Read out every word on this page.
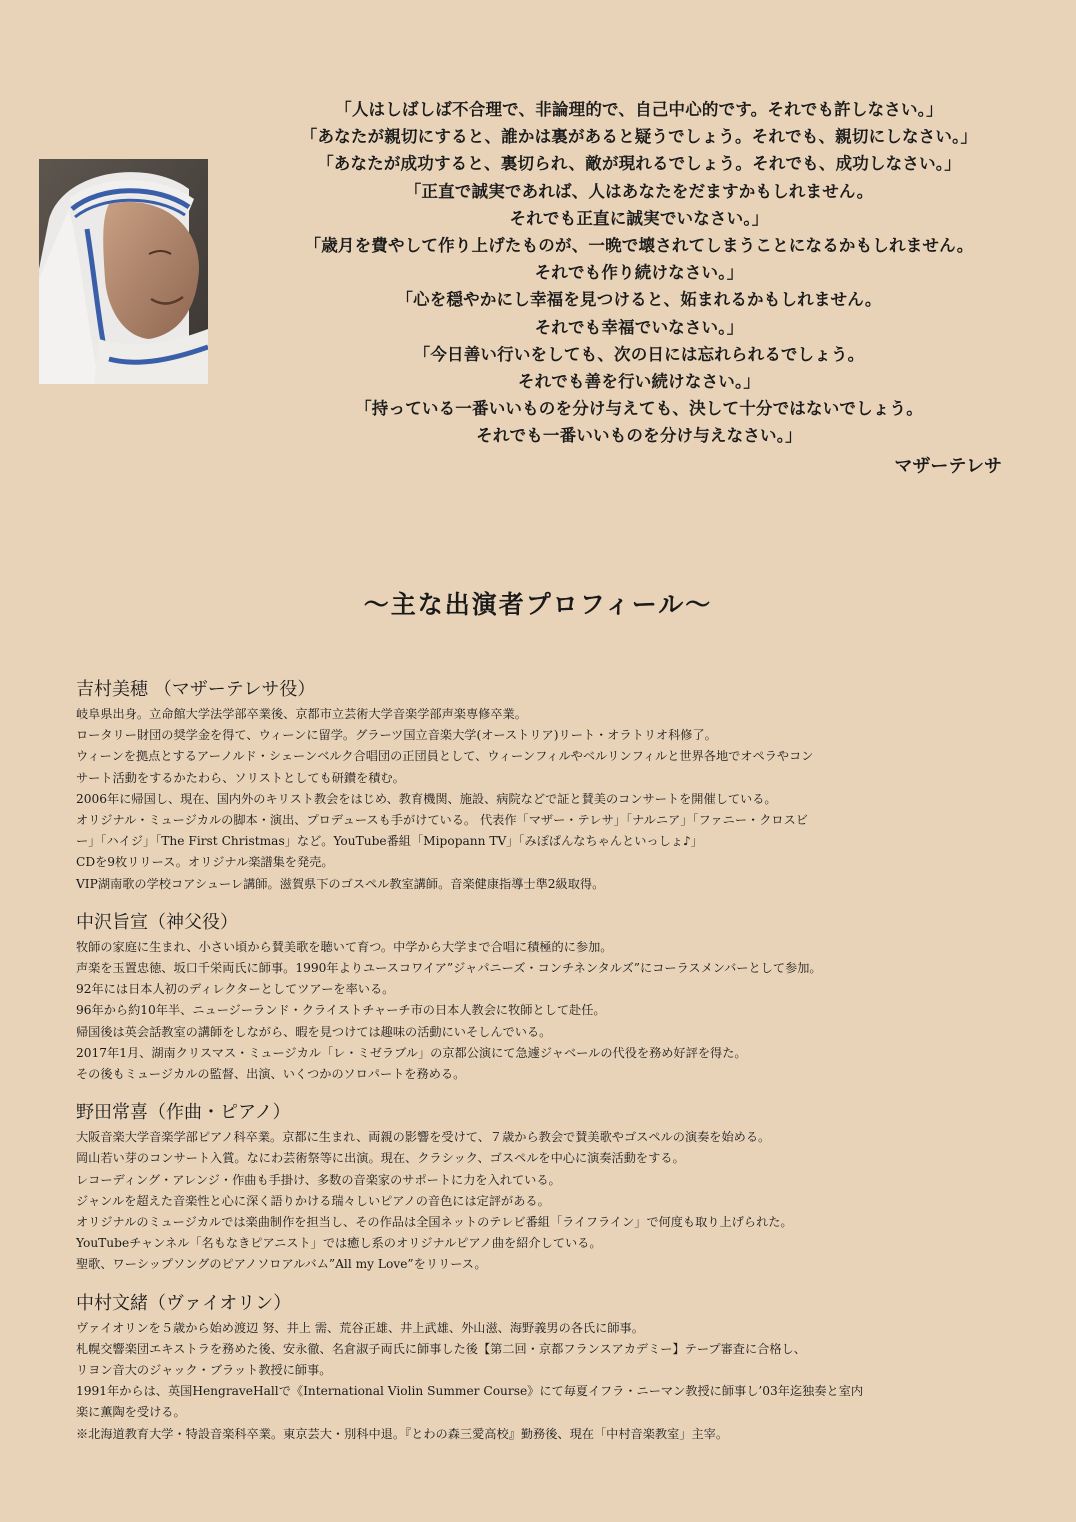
「人はしばしば不合理で、非論理的で、自己中心的です。それでも許しなさい。」
「あなたが親切にすると、誰かは裏があると疑うでしょう。それでも、親切にしなさい。」
「あなたが成功すると、裏切られ、敵が現れるでしょう。それでも、成功しなさい。」
「正直で誠実であれば、人はあなたをだますかもしれません。
それでも正直に誠実でいなさい。」
「歳月を費やして作り上げたものが、一晩で壊されてしまうことになるかもしれません。
それでも作り続けなさい。」
「心を穏やかにし幸福を見つけると、妬まれるかもしれません。
それでも幸福でいなさい。」
「今日善い行いをしても、次の日には忘れられるでしょう。
それでも善を行い続けなさい。」
「持っている一番いいものを分け与えても、決して十分ではないでしょう。
それでも一番いいものを分け与えなさい。」
マザーテレサ
〜主な出演者プロフィール〜
吉村美穂 （マザーテレサ役）
岐阜県出身。立命館大学法学部卒業後、京都市立芸術大学音楽学部声楽専修卒業。
ロータリー財団の奨学金を得て、ウィーンに留学。グラーツ国立音楽大学(オーストリア)リート・オラトリオ科修了。
ウィーンを拠点とするアーノルド・シェーンベルク合唱団の正団員として、ウィーンフィルやベルリンフィルと世界各地でオペラやコン
サート活動をするかたわら、ソリストとしても研鑚を積む。
2006年に帰国し、現在、国内外のキリスト教会をはじめ、教育機関、施設、病院などで証と賛美のコンサートを開催している。
オリジナル・ミュージカルの脚本・演出、プロデュースも手がけている。 代表作「マザー・テレサ」「ナルニア」「ファニー・クロスビ
ー」「ハイジ」「The First Christmas」など。YouTube番組「Mipopann TV」「みぽぱんなちゃんといっしょ♪」
CDを9枚リリース。オリジナル楽譜集を発売。
VIP湖南歌の学校コアシューレ講師。滋賀県下のゴスペル教室講師。音楽健康指導士準2級取得。
中沢旨宣（神父役）
牧師の家庭に生まれ、小さい頃から賛美歌を聴いて育つ。中学から大学まで合唱に積極的に参加。
声楽を玉置忠徳、坂口千栄両氏に師事。1990年よりユースコワイア”ジャパニーズ・コンチネンタルズ”にコーラスメンバーとして参加。
92年には日本人初のディレクターとしてツアーを率いる。
96年から約10年半、ニュージーランド・クライストチャーチ市の日本人教会に牧師として赴任。
帰国後は英会話教室の講師をしながら、暇を見つけては趣味の活動にいそしんでいる。
2017年1月、湖南クリスマス・ミュージカル「レ・ミゼラブル」の京都公演にて急遽ジャベールの代役を務め好評を得た。
その後もミュージカルの監督、出演、いくつかのソロパートを務める。
野田常喜（作曲・ピアノ）
大阪音楽大学音楽学部ピアノ科卒業。京都に生まれ、両親の影響を受けて、７歳から教会で賛美歌やゴスペルの演奏を始める。
岡山若い芽のコンサート入賞。なにわ芸術祭等に出演。現在、クラシック、ゴスペルを中心に演奏活動をする。
レコーディング・アレンジ・作曲も手掛け、多数の音楽家のサポートに力を入れている。
ジャンルを超えた音楽性と心に深く語りかける瑞々しいピアノの音色には定評がある。
オリジナルのミュージカルでは楽曲制作を担当し、その作品は全国ネットのテレビ番組「ライフライン」で何度も取り上げられた。
YouTubeチャンネル「名もなきピアニスト」では癒し系のオリジナルピアノ曲を紹介している。
聖歌、ワーシップソングのピアノソロアルバム”All my Love”をリリース。
中村文緒（ヴァイオリン）
ヴァイオリンを５歳から始め渡辺 努、井上 需、荒谷正雄、井上武雄、外山滋、海野義男の各氏に師事。
札幌交響楽団エキストラを務めた後、安永徹、名倉淑子両氏に師事した後【第二回・京都フランスアカデミー】テープ審査に合格し、
リヨン音大のジャック・ブラット教授に師事。
1991年からは、英国HengraveHallで《International Violin Summer Course》にて毎夏イフラ・ニーマン教授に師事し’03年迄独奏と室内
楽に薫陶を受ける。
※北海道教育大学・特設音楽科卒業。東京芸大・別科中退。『とわの森三愛高校』勤務後、現在「中村音楽教室」主宰。
